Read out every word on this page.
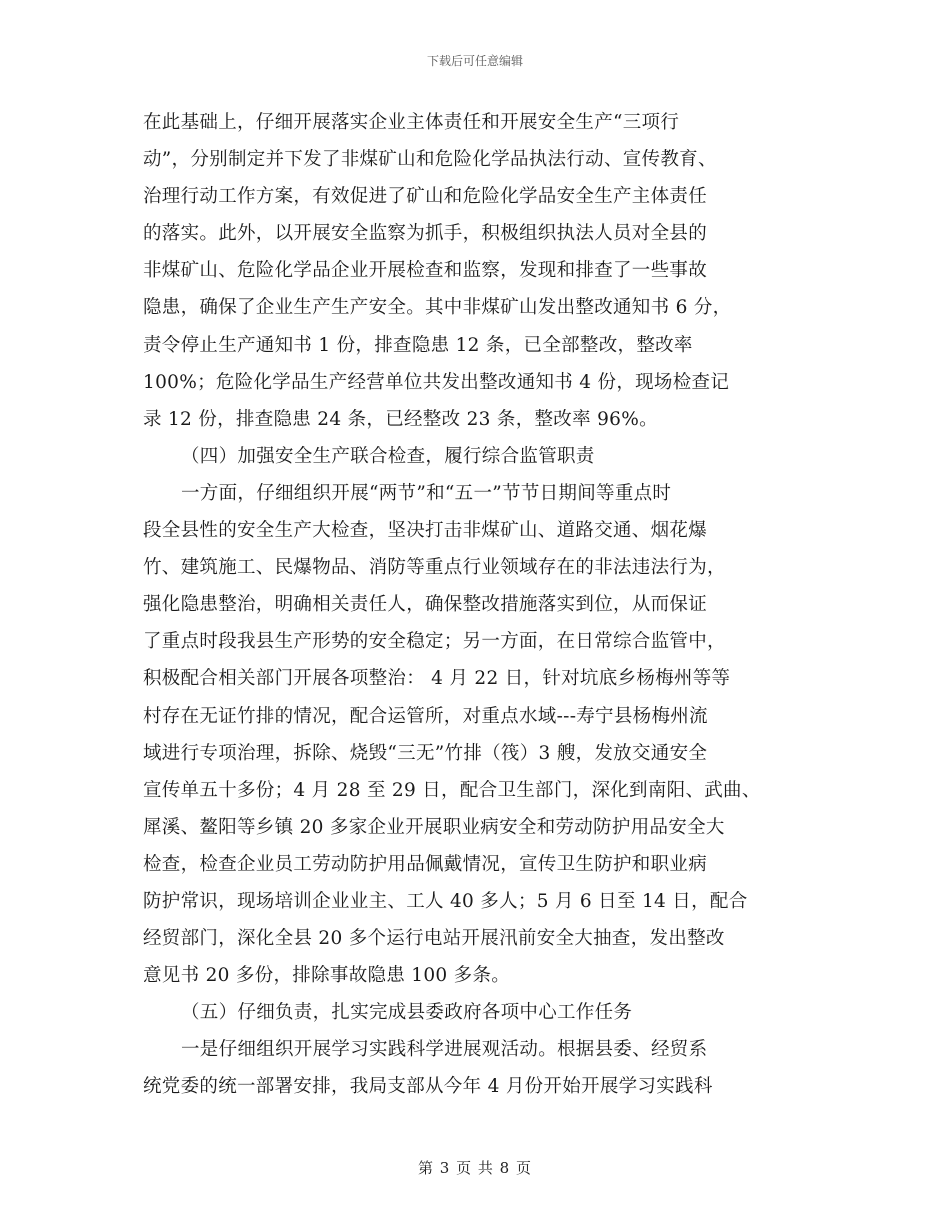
下载后可任意编辑
在此基础上，仔细开展落实企业主体责任和开展安全生产“三项行
动”，分别制定并下发了非煤矿山和危险化学品执法行动、宣传教育、
治理行动工作方案，有效促进了矿山和危险化学品安全生产主体责任
的落实。此外，以开展安全监察为抓手，积极组织执法人员对全县的
非煤矿山、危险化学品企业开展检查和监察，发现和排查了一些事故
隐患，确保了企业生产生产安全。其中非煤矿山发出整改通知书 6 分，
责令停止生产通知书 1 份，排查隐患 12 条，已全部整改，整改率
100%；危险化学品生产经营单位共发出整改通知书 4 份，现场检查记
录 12 份，排查隐患 24 条，已经整改 23 条，整改率 96%。
（四）加强安全生产联合检查，履行综合监管职责
一方面，仔细组织开展“两节”和“五一”节节日期间等重点时
段全县性的安全生产大检查，坚决打击非煤矿山、道路交通、烟花爆
竹、建筑施工、民爆物品、消防等重点行业领域存在的非法违法行为，
强化隐患整治，明确相关责任人，确保整改措施落实到位，从而保证
了重点时段我县生产形势的安全稳定；另一方面，在日常综合监管中，
积极配合相关部门开展各项整治： 4 月 22 日，针对坑底乡杨梅州等等
村存在无证竹排的情况，配合运管所，对重点水域---寿宁县杨梅州流
域进行专项治理，拆除、烧毁“三无”竹排（筏）3 艘，发放交通安全
宣传单五十多份；4 月 28 至 29 日，配合卫生部门，深化到南阳、武曲、
犀溪、鳌阳等乡镇 20 多家企业开展职业病安全和劳动防护用品安全大
检查，检查企业员工劳动防护用品佩戴情况，宣传卫生防护和职业病
防护常识，现场培训企业业主、工人 40 多人；5 月 6 日至 14 日，配合
经贸部门，深化全县 20 多个运行电站开展汛前安全大抽查，发出整改
意见书 20 多份，排除事故隐患 100 多条。
（五）仔细负责，扎实完成县委政府各项中心工作任务
一是仔细组织开展学习实践科学进展观活动。根据县委、经贸系
统党委的统一部署安排，我局支部从今年 4 月份开始开展学习实践科
第 3 页 共 8 页
